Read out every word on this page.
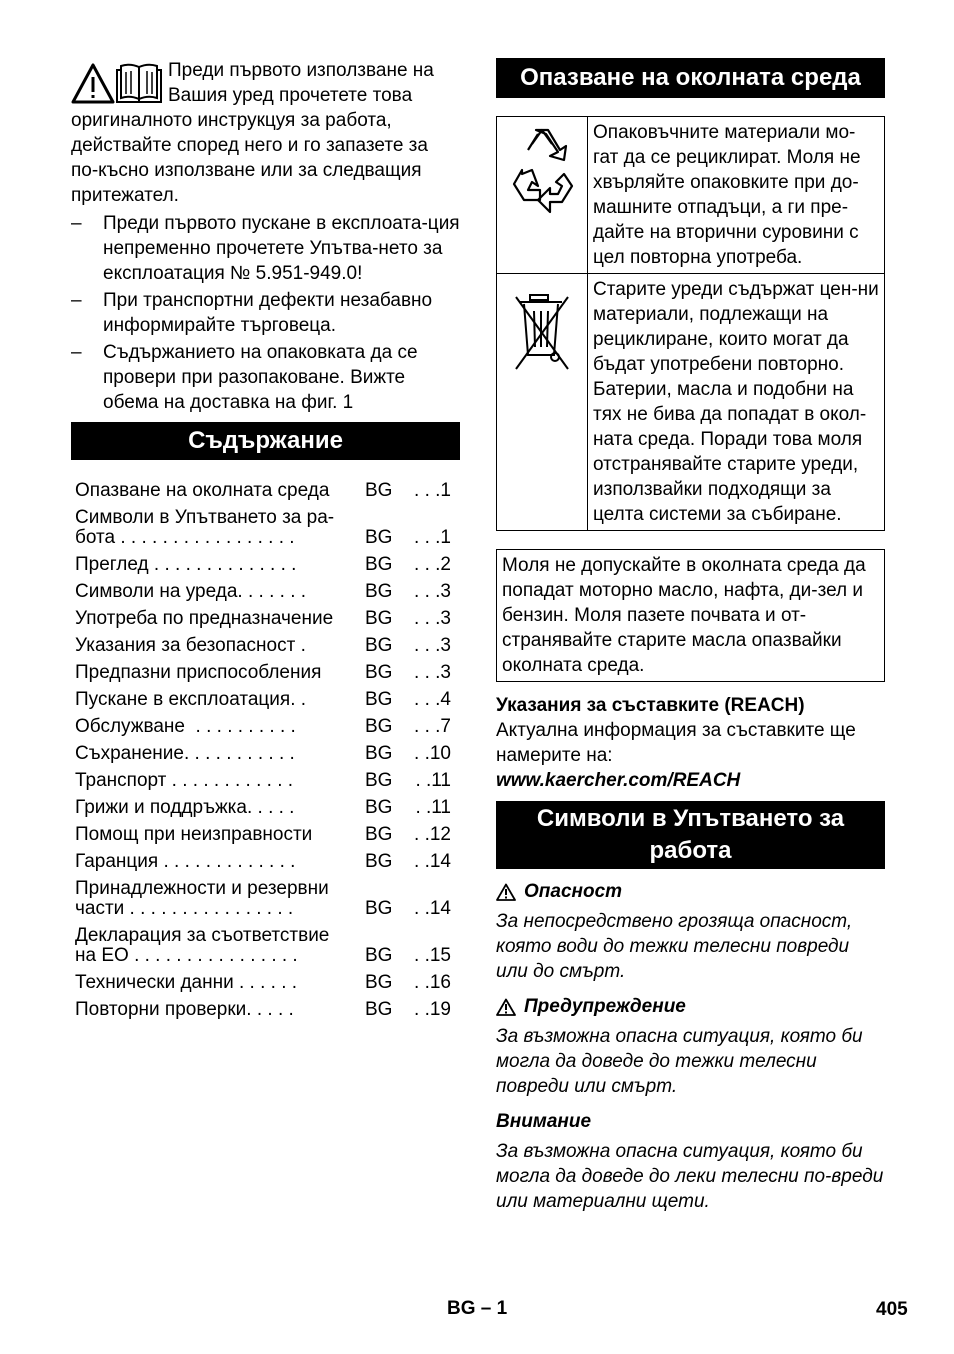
Преди първото използване на Вашия уред прочетете това

оригиналното инструкцуя за работа, действайте според него и го запазете за по-късно използване или за следващия притежател.

– Преди първото пускане в експлоата-ция непременно прочетете Упътва-нето за експлоатация № 5.951-949.0!
– При транспортни дефекти незабавно информирайте търговеца.
– Съдържанието на опаковката да се провери при разопаковане. Вижте обема на доставка на фиг. 1
Съдържание
Опазване на околната среда	BG	. . .1
Символи в Упътването за ра-
бота . . . . . . . . . . . . . . . . .	BG	. . .1
Преглед . . . . . . . . . . . . . .	BG	. . .2
Символи на уреда. . . . . . .	BG	. . .3
Употреба по предназначение	BG	. . .3
Указания за безопасност .	BG	. . .3
Предпазни приспособления	BG	. . .3
Пускане в експлоатация. .	BG	. . .4
Обслужване  . . . . . . . . . .	BG	. . .7
Съхранение. . . . . . . . . . .	BG	. .10
Транспорт . . . . . . . . . . . .	BG	. .11
Грижи и поддръжка. . . . .	BG	. .11
Помощ при неизправности	BG	. .12
Гаранция . . . . . . . . . . . . .	BG	. .14
Принадлежности и резервни
части . . . . . . . . . . . . . . . .	BG	. .14
Декларация за съответствие
на ЕО . . . . . . . . . . . . . . . .	BG	. .15
Технически данни . . . . . .	BG	. .16
Повторни проверки. . . . .	BG	. .19
Опазване на околната среда
	Опаковъчните материали мо-гат да се рециклират. Моля не хвърляйте опаковките при до-машните отпадъци, а ги пре-дайте на вторични суровини с цел повторна употреба.
	Старите уреди съдържат цен-ни материали, подлежащи на рециклиране, които могат да бъдат употребени повторно. Батерии, масла и подобни на тях не бива да попадат в окол-ната среда. Поради това моля отстранявайте старите уреди, използвайки подходящи за целта системи за събиране.
Моля не допускайте в околната среда да попадат моторно масло, нафта, ди-зел и бензин. Моля пазете почвата и от-странявайте старите масла опазвайки околната среда.
Указания за съставките (REACH)
Актуална информация за съставките ще намерите на:
www.kaercher.com/REACH
Символи в Упътването за работа
Опасност
За непосредствено грозяща опасност, която води до тежки телесни повреди или до смърт.
Предупреждение
За възможна опасна ситуация, която би могла да доведе до тежки телесни повреди или смърт.
Внимание
За възможна опасна ситуация, която би могла да доведе до леки телесни по-вреди или материални щети.
BG – 1	405
